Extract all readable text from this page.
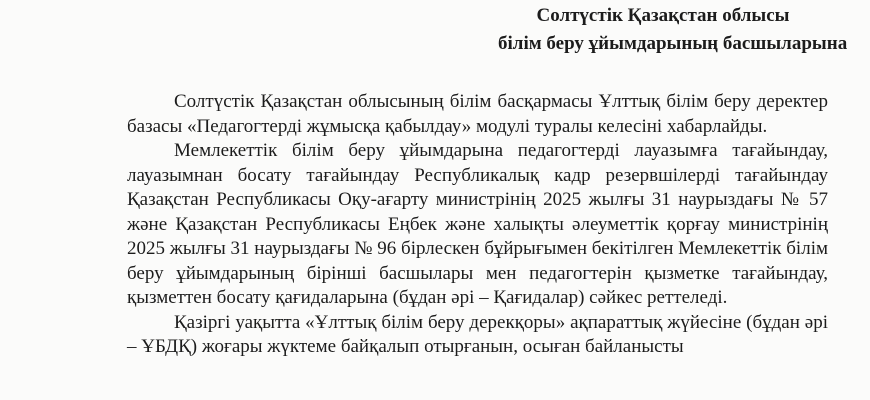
Солтүстік Қазақстан облысы
білім беру ұйымдарының басшыларына

Солтүстік Қазақстан облысының білім басқармасы Ұлттық білім беру деректер базасы «Педагогтерді жұмысқа қабылдау» модулі туралы келесіні хабарлайды.

Мемлекеттік білім беру ұйымдарына педагогтерді лауазымға тағайындау, лауазымнан босату тағайындау Республикалық кадр резервшілерді тағайындау Қазақстан Республикасы Оқу-ағарту министрінің 2025 жылғы 31 наурыздағы № 57 және Қазақстан Республикасы Еңбек және халықты әлеуметтік қорғау министрінің 2025 жылғы 31 наурыздағы № 96 бірлескен бұйрығымен бекітілген Мемлекеттік білім беру ұйымдарының бірінші басшылары мен педагогтерін қызметке тағайындау, қызметтен босату қағидаларына (бұдан әрі – Қағидалар) сәйкес реттеледі.

Қазіргі уақытта «Ұлттық білім беру дерекқоры» ақпараттық жүйесіне (бұдан әрі – ҰБДҚ) жоғары жүктеме байқалып отырғанын, осыған байланысты
